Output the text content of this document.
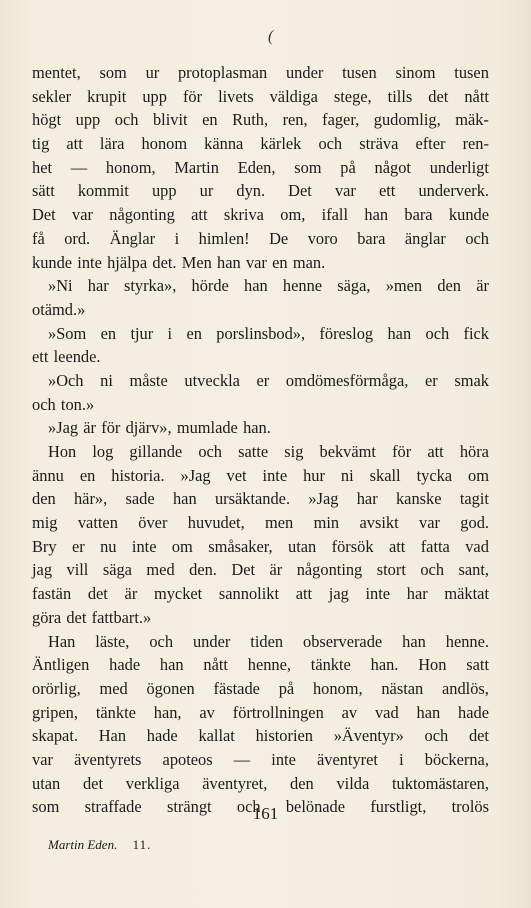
(
mentet, som ur protoplasman under tusen sinom tusen
sekler krupit upp för livets väldiga stege, tills det nått
högt upp och blivit en Ruth, ren, fager, gudomlig, mäk-
tig att lära honom känna kärlek och sträva efter ren-
het — honom, Martin Eden, som på något underligt
sätt kommit upp ur dyn. Det var ett underverk.
Det var någonting att skriva om, ifall han bara kunde
få ord. Änglar i himlen! De voro bara änglar och
kunde inte hjälpa det. Men han var en man.
»Ni har styrka», hörde han henne säga, »men den är
otämd.»
»Som en tjur i en porslinsbod», föreslog han och fick
ett leende.
»Och ni måste utveckla er omdömesförmåga, er smak
och ton.»
»Jag är för djärv», mumlade han.
Hon log gillande och satte sig bekvämt för att höra
ännu en historia. »Jag vet inte hur ni skall tycka om
den här», sade han ursäktande. »Jag har kanske tagit
mig vatten över huvudet, men min avsikt var god.
Bry er nu inte om småsaker, utan försök att fatta vad
jag vill säga med den. Det är någonting stort och sant,
fastän det är mycket sannolikt att jag inte har mäktat
göra det fattbart.»
Han läste, och under tiden observerade han henne.
Äntligen hade han nått henne, tänkte han. Hon satt
orörlig, med ögonen fästade på honom, nästan andlös,
gripen, tänkte han, av förtrollningen av vad han hade
skapat. Han hade kallat historien »Äventyr» och det
var äventyrets apoteos — inte äventyret i böckerna,
utan det verkliga äventyret, den vilda tuktomästaren,
som straffade strängt och belönade furstligt, trolös
161
Martin Eden. 11.
